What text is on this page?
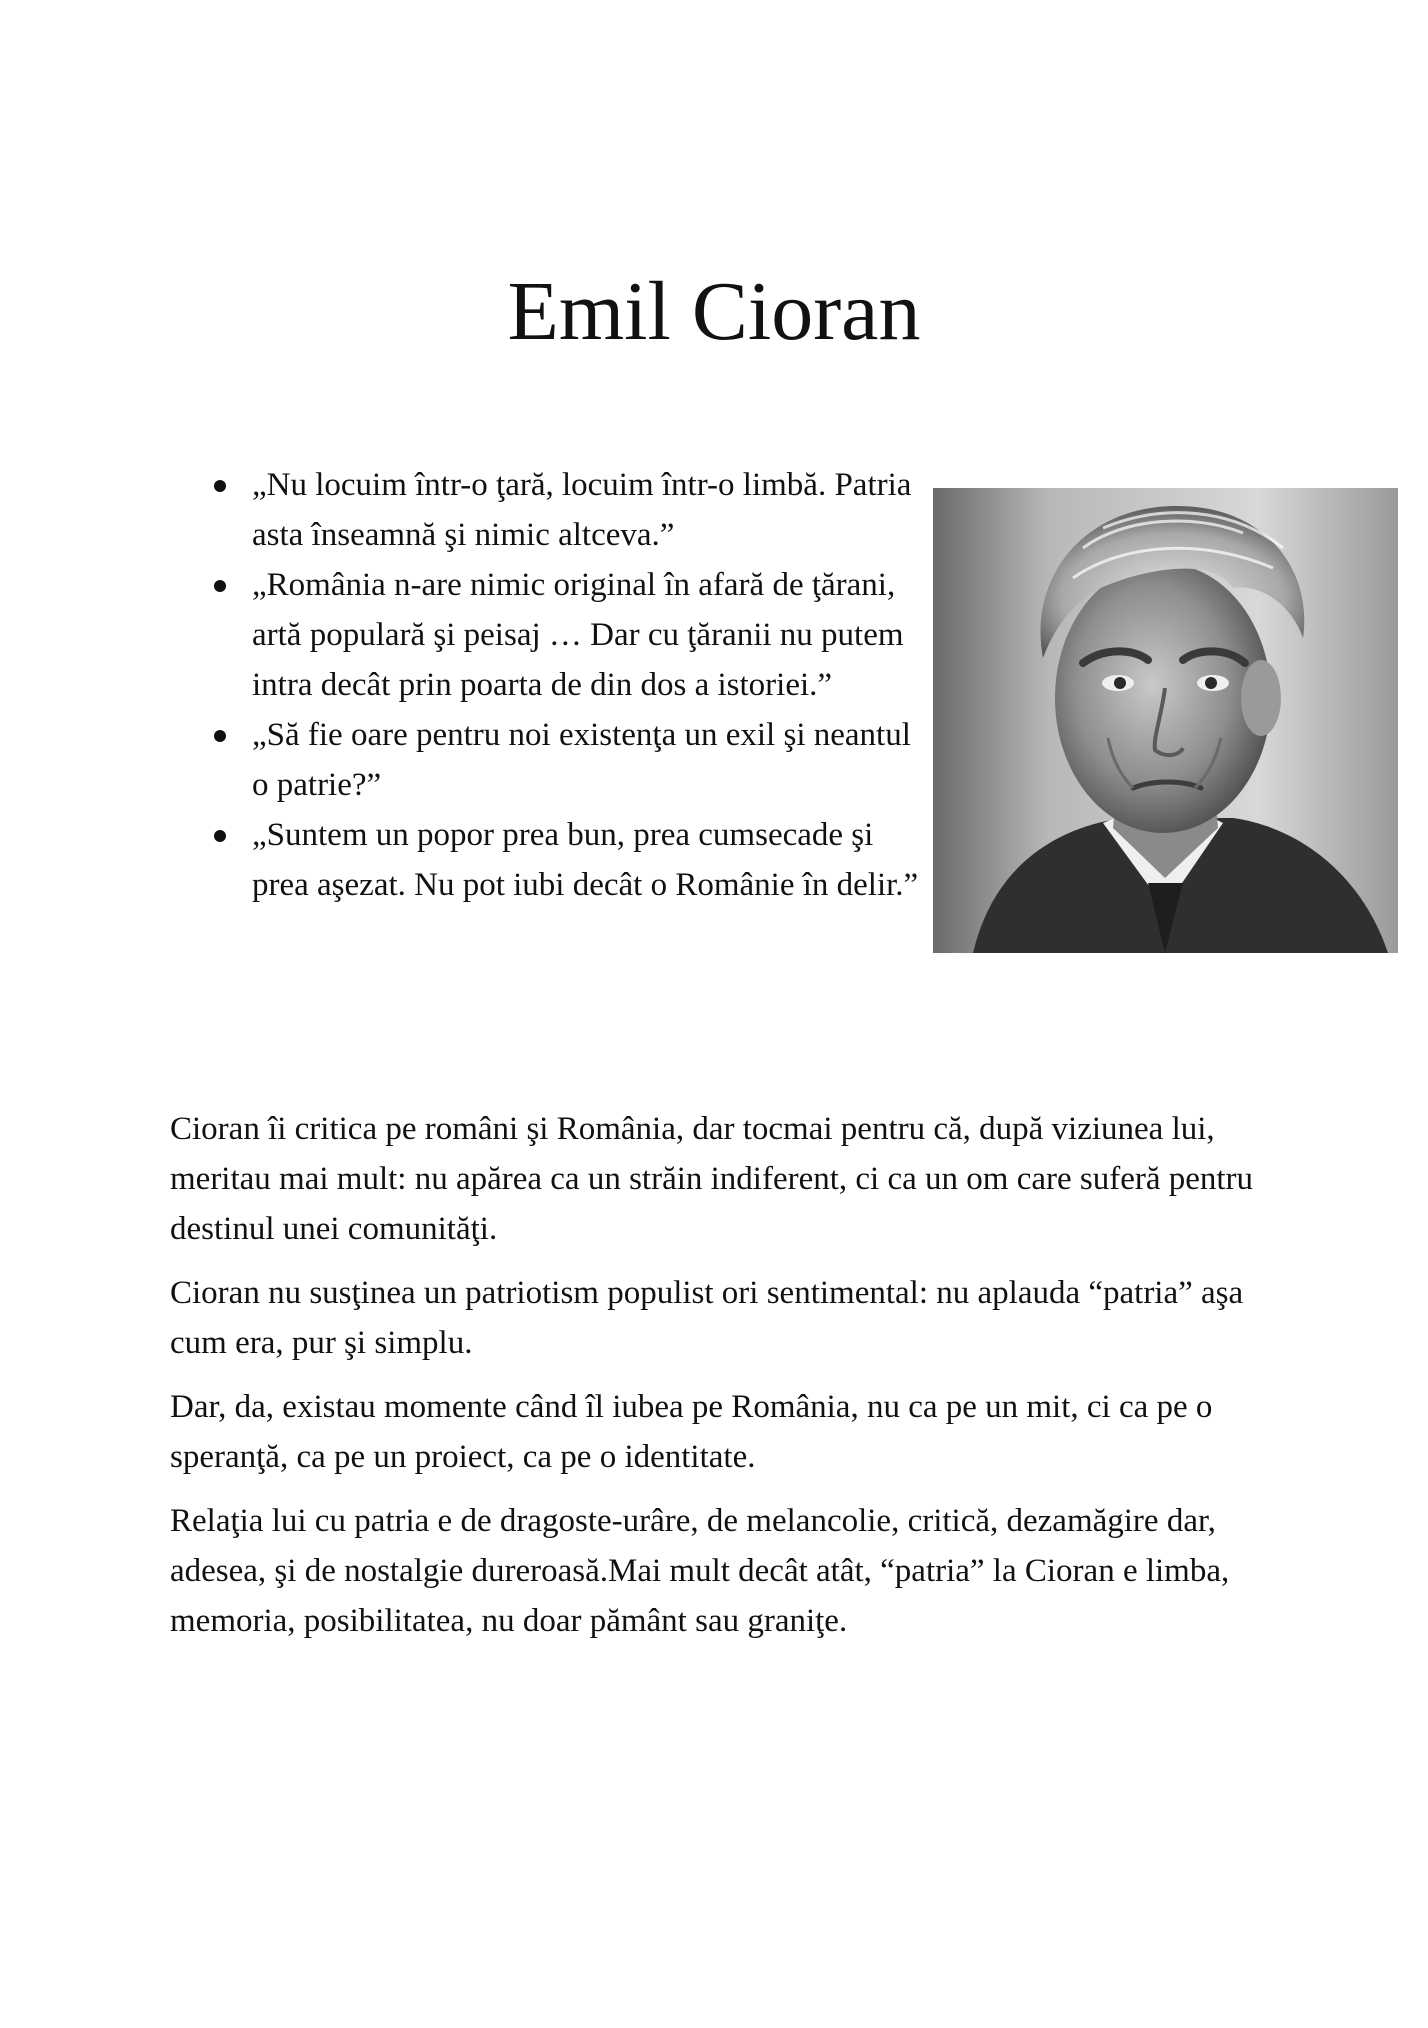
Emil Cioran
„Nu locuim într-o ţară, locuim într-o limbă. Patria asta înseamnă şi nimic altceva.”
„România n-are nimic original în afară de ţărani, artă populară şi peisaj … Dar cu ţăranii nu putem intra decât prin poarta de din dos a istoriei.”
„Să fie oare pentru noi existenţa un exil şi neantul o patrie?”
„Suntem un popor prea bun, prea cumsecade şi prea aşezat. Nu pot iubi decât o Românie în delir.”

Cioran îi critica pe români şi România, dar tocmai pentru că, după viziunea lui, meritau mai mult: nu apărea ca un străin indiferent, ci ca un om care suferă pentru destinul unei comunităţi.

Cioran nu susţinea un patriotism populist ori sentimental: nu aplauda “patria” aşa cum era, pur şi simplu.

Dar, da, existau momente când îl iubea pe România, nu ca pe un mit, ci ca pe o speranţă, ca pe un proiect, ca pe o identitate.

Relaţia lui cu patria e de dragoste-urâre, de melancolie, critică, dezamăgire dar, adesea, şi de nostalgie dureroasă.Mai mult decât atât, “patria” la Cioran e limba, memoria, posibilitatea, nu doar pământ sau graniţe.
